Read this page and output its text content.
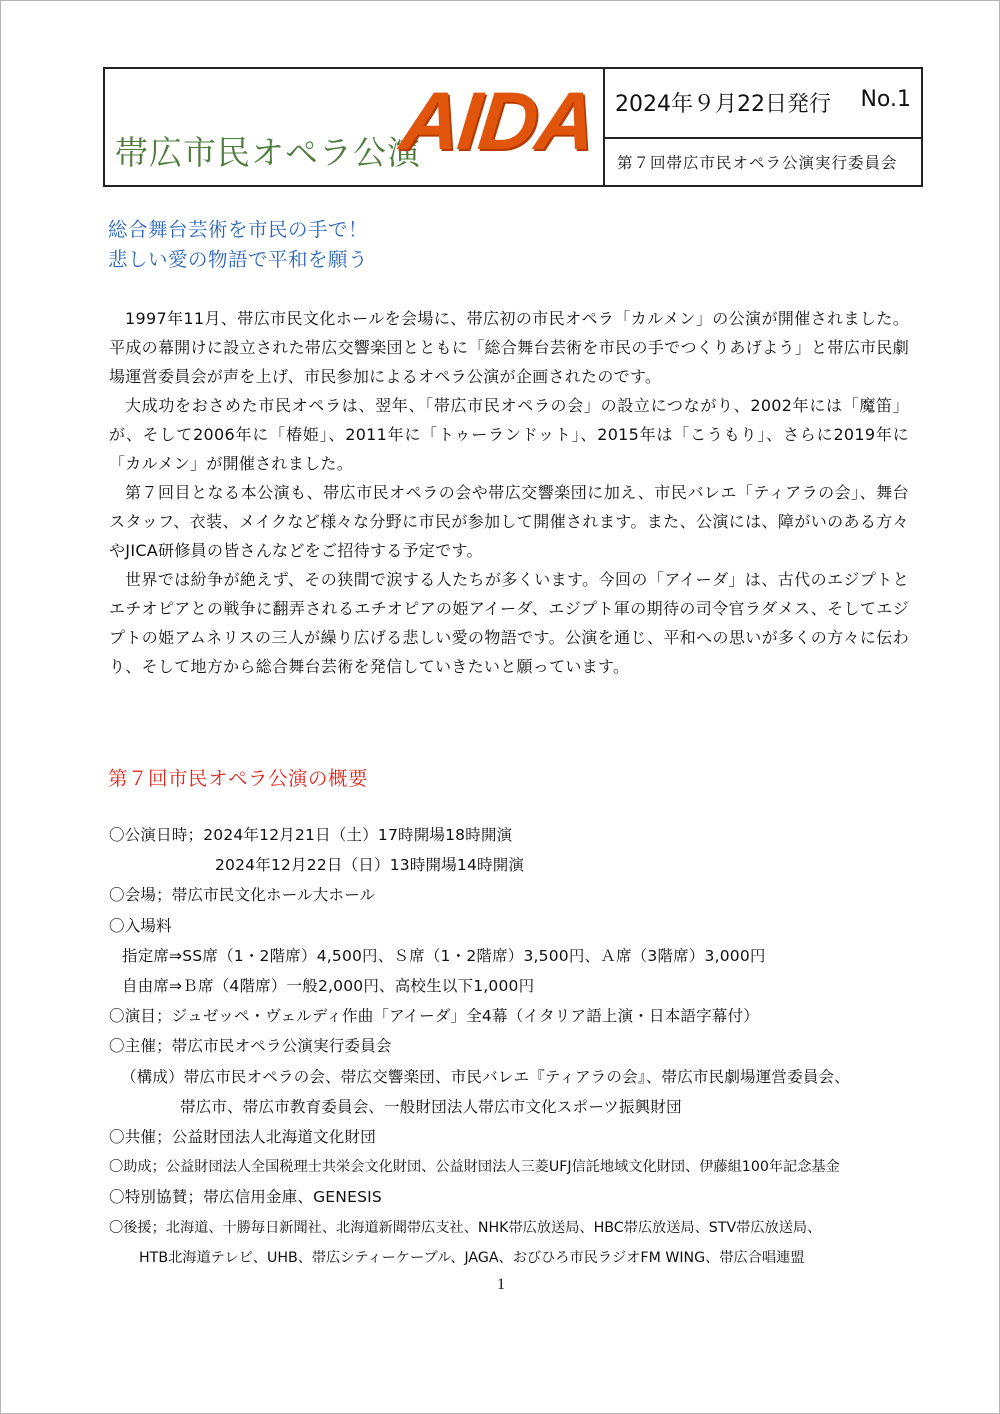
帯広市民オペラ公演
AIDA 2024年９月22日発行 No.1
第７回帯広市民オペラ公演実行委員会
総合舞台芸術を市民の手で！
悲しい愛の物語で平和を願う

1997年11月、帯広市民文化ホールを会場に、帯広初の市民オペラ「カルメン」の公演が開催されました。平成の幕開けに設立された帯広交響楽団とともに「総合舞台芸術を市民の手でつくりあげよう」と帯広市民劇場運営委員会が声を上げ、市民参加によるオペラ公演が企画されたのです。

大成功をおさめた市民オペラは、翌年、「帯広市民オペラの会」の設立につながり、2002年には「魔笛」が、そして2006年に「椿姫」、2011年に「トゥーランドット」、2015年は「こうもり」、さらに2019年に「カルメン」が開催されました。

第７回目となる本公演も、帯広市民オペラの会や帯広交響楽団に加え、市民バレエ「ティアラの会」、舞台スタッフ、衣装、メイクなど様々な分野に市民が参加して開催されます。また、公演には、障がいのある方々やJICA研修員の皆さんなどをご招待する予定です。

世界では紛争が絶えず、その狭間で涙する人たちが多くいます。今回の「アイーダ」は、古代のエジプトとエチオピアとの戦争に翻弄されるエチオピアの姫アイーダ、エジプト軍の期待の司令官ラダメス、そしてエジプトの姫アムネリスの三人が繰り広げる悲しい愛の物語です。公演を通じ、平和への思いが多くの方々に伝わり、そして地方から総合舞台芸術を発信していきたいと願っています。

第７回市民オペラ公演の概要
〇公演日時；2024年12月21日（土）17時開場18時開演
2024年12月22日（日）13時開場14時開演
〇会場；帯広市民文化ホール大ホール
〇入場料
指定席⇒SS席（1・2階席）4,500円、Ｓ席（1・2階席）3,500円、Ａ席（3階席）3,000円
自由席⇒Ｂ席（4階席）一般2,000円、高校生以下1,000円
〇演目；ジュゼッペ・ヴェルディ作曲「アイーダ」全4幕（イタリア語上演・日本語字幕付）
〇主催；帯広市民オペラ公演実行委員会
（構成）帯広市民オペラの会、帯広交響楽団、市民バレエ『ティアラの会』、帯広市民劇場運営委員会、
帯広市、帯広市教育委員会、一般財団法人帯広市文化スポーツ振興財団
〇共催；公益財団法人北海道文化財団
〇助成；公益財団法人全国税理士共栄会文化財団、公益財団法人三菱UFJ信託地域文化財団、伊藤組100年記念基金
〇特別協賛；帯広信用金庫、GENESIS
〇後援；北海道、十勝毎日新聞社、北海道新聞帯広支社、NHK帯広放送局、HBC帯広放送局、STV帯広放送局、
HTB北海道テレビ、UHB、帯広シティーケーブル、JAGA、おびひろ市民ラジオFM WING、帯広合唱連盟
1
